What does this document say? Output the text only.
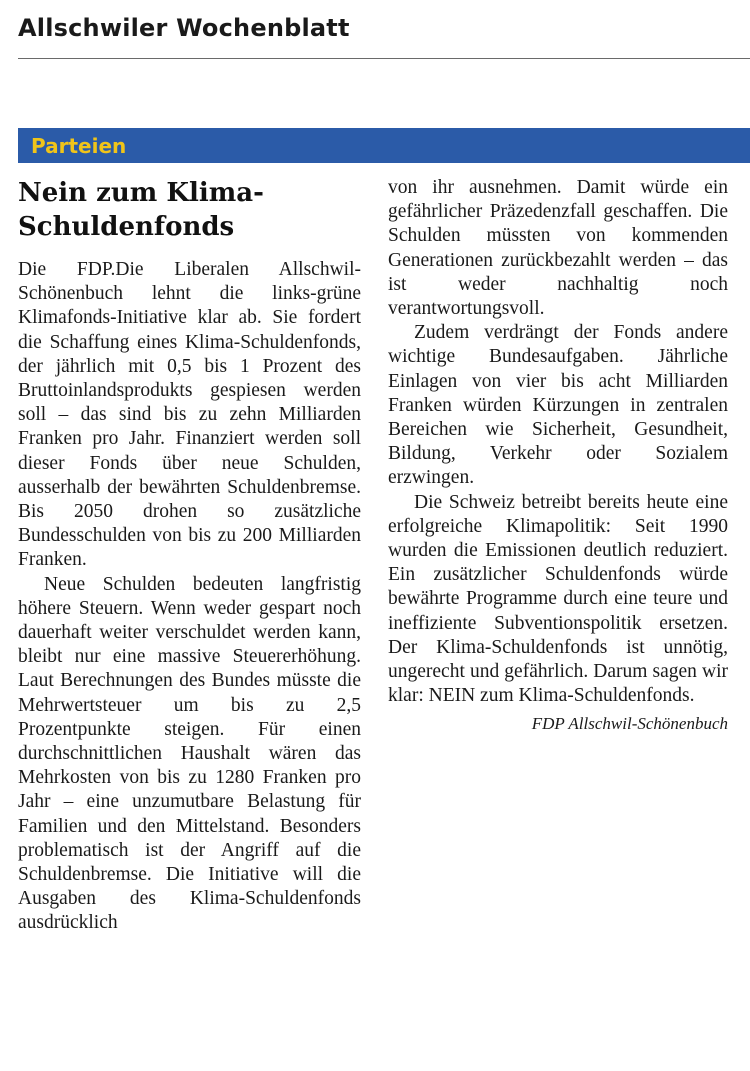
Allschwiler Wochenblatt
Parteien
Nein zum Klima-Schuldenfonds

Die FDP.Die Liberalen Allschwil-Schönenbuch lehnt die links-grüne Klimafonds-Initiative klar ab. Sie fordert die Schaffung eines Klima-Schuldenfonds, der jährlich mit 0,5 bis 1 Prozent des Bruttoinlandsprodukts gespiesen werden soll – das sind bis zu zehn Milliarden Franken pro Jahr. Finanziert werden soll dieser Fonds über neue Schulden, ausserhalb der bewährten Schuldenbremse. Bis 2050 drohen so zusätzliche Bundesschulden von bis zu 200 Milliarden Franken.

Neue Schulden bedeuten langfristig höhere Steuern. Wenn weder gespart noch dauerhaft weiter verschuldet werden kann, bleibt nur eine massive Steuererhöhung. Laut Berechnungen des Bundes müsste die Mehrwertsteuer um bis zu 2,5 Prozentpunkte steigen. Für einen durchschnittlichen Haushalt wären das Mehrkosten von bis zu 1280 Franken pro Jahr – eine unzumutbare Belastung für Familien und den Mittelstand. Besonders problematisch ist der Angriff auf die Schuldenbremse. Die Initiative will die Ausgaben des Klima-Schuldenfonds ausdrücklich

von ihr ausnehmen. Damit würde ein gefährlicher Präzedenzfall geschaffen. Die Schulden müssten von kommenden Generationen zurückbezahlt werden – das ist weder nachhaltig noch verantwortungsvoll.

Zudem verdrängt der Fonds andere wichtige Bundesaufgaben. Jährliche Einlagen von vier bis acht Milliarden Franken würden Kürzungen in zentralen Bereichen wie Sicherheit, Gesundheit, Bildung, Verkehr oder Sozialem erzwingen.

Die Schweiz betreibt bereits heute eine erfolgreiche Klimapolitik: Seit 1990 wurden die Emissionen deutlich reduziert. Ein zusätzlicher Schuldenfonds würde bewährte Programme durch eine teure und ineffiziente Subventionspolitik ersetzen. Der Klima-Schuldenfonds ist unnötig, ungerecht und gefährlich. Darum sagen wir klar: NEIN zum Klima-Schuldenfonds.

FDP Allschwil-Schönenbuch
